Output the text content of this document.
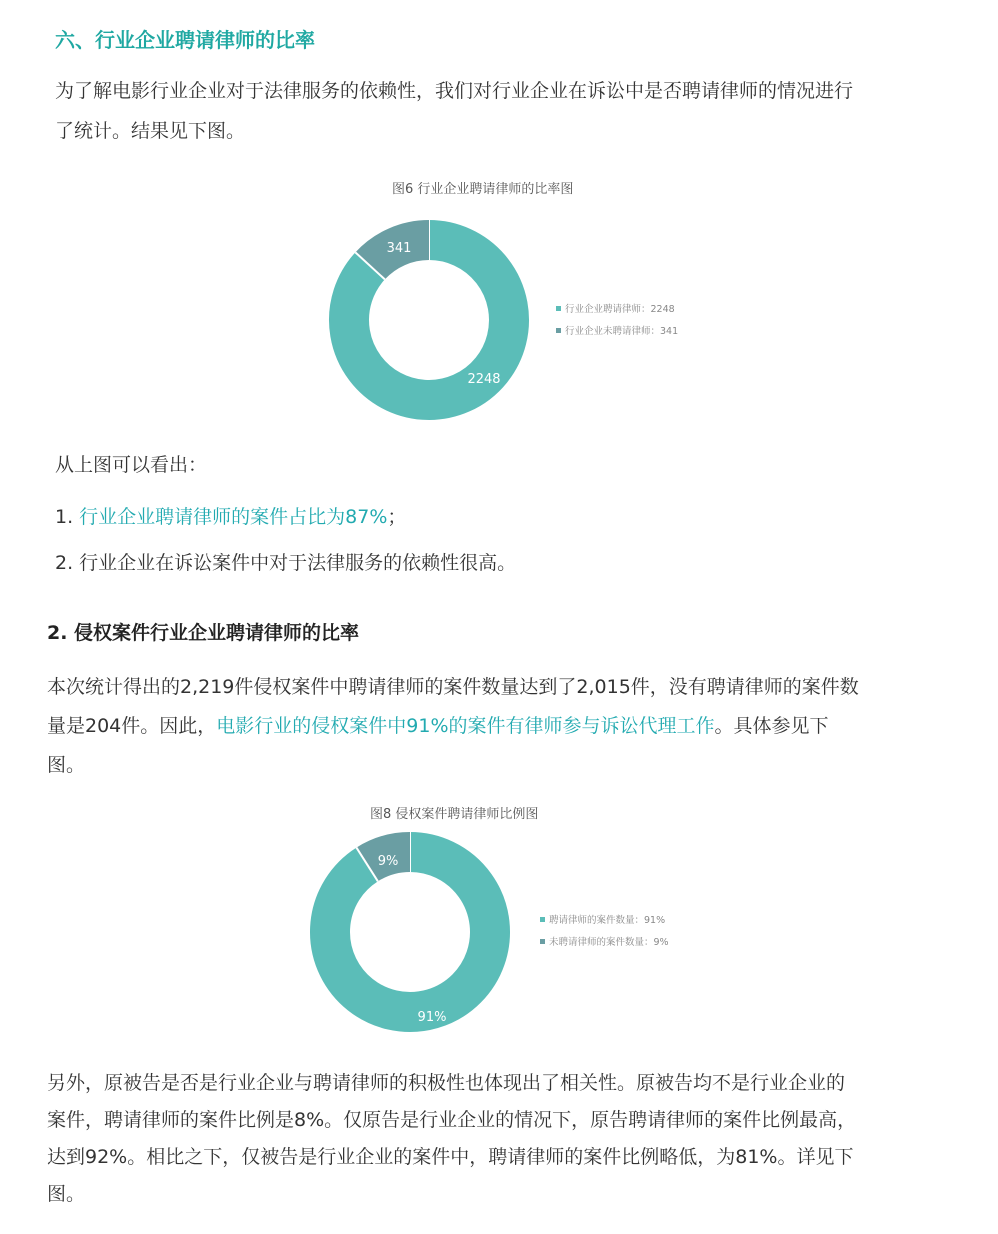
六、行业企业聘请律师的比率
为了解电影行业企业对于法律服务的依赖性，我们对行业企业在诉讼中是否聘请律师的情况进行
了统计。结果见下图。
图6 行业企业聘请律师的比率图
2248
341
行业企业聘请律师：2248
行业企业未聘请律师：341
从上图可以看出：
1. 行业企业聘请律师的案件占比为87%；
2. 行业企业在诉讼案件中对于法律服务的依赖性很高。
2. 侵权案件行业企业聘请律师的比率
本次统计得出的2,219件侵权案件中聘请律师的案件数量达到了2,015件，没有聘请律师的案件数
量是204件。因此，电影行业的侵权案件中91%的案件有律师参与诉讼代理工作。具体参见下
图。
图8 侵权案件聘请律师比例图
91%
9%
聘请律师的案件数量：91%
未聘请律师的案件数量：9%
另外，原被告是否是行业企业与聘请律师的积极性也体现出了相关性。原被告均不是行业企业的
案件，聘请律师的案件比例是8%。仅原告是行业企业的情况下，原告聘请律师的案件比例最高，
达到92%。相比之下，仅被告是行业企业的案件中，聘请律师的案件比例略低，为81%。详见下
图。
